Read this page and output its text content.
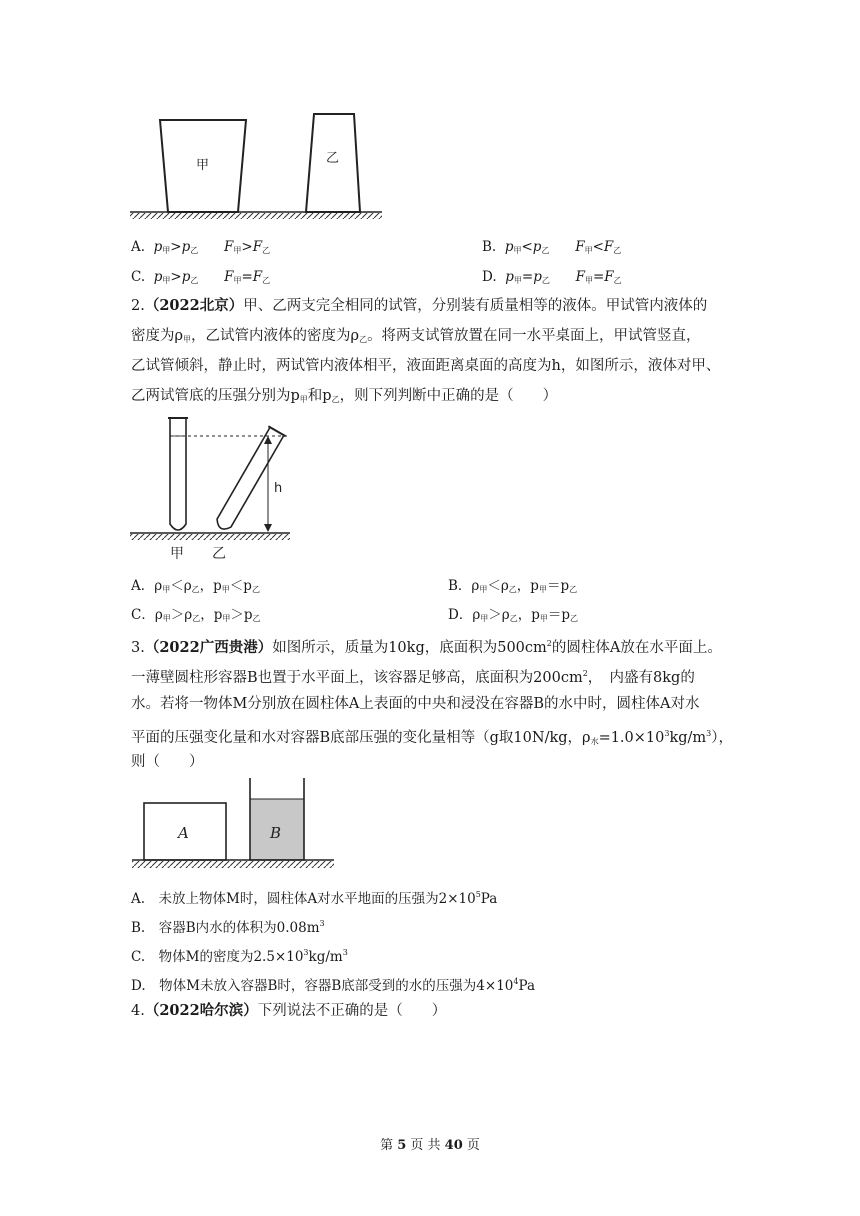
甲	乙
A. $p_甲>p_乙$ $F_甲>F_乙$	B. $p_甲<p_乙$ $F_甲<F_乙$
C. $p_甲>p_乙$ $F_甲=F_乙$	D. $p_甲=p_乙$ $F_甲=F_乙$
2.（2022北京）甲、乙两支完全相同的试管，分别装有质量相等的液体。甲试管内液体的
密度为$\rho_甲$，乙试管内液体的密度为$\rho_乙$。将两支试管放置在同一水平桌面上，甲试管竖直，
乙试管倾斜，静止时，两试管内液体相平，液面距离桌面的高度为h，如图所示，液体对甲、
乙两试管底的压强分别为$p_甲$和$p_乙$，则下列判断中正确的是（　　）
h
甲 乙
A．$\rho_甲<\rho_乙$，$p_甲<p_乙$	B．$\rho_甲<\rho_乙$，$p_甲=p_乙$
C．$\rho_甲>\rho_乙$，$p_甲>p_乙$	D．$\rho_甲>\rho_乙$，$p_甲=p_乙$
3.（2022广西贵港）如图所示，质量为10kg，底面积为$500cm^2$的圆柱体A放在水平面上。
一薄壁圆柱形容器B也置于水平面上，该容器足够高，底面积为$200cm^2$，　内盛有8kg的
水。若将一物体M分别放在圆柱体A上表面的中央和浸没在容器B的水中时，圆柱体A对水
平面的压强变化量和水对容器B底部压强的变化量相等（g取10N/kg，$\rho_水=1.0\times 10^3kg/m^3$），
则（　　）
A	B
A.　未放上物体M时，圆柱体A对水平地面的压强为$2\times 10^5Pa$
B.　容器B内水的体积为$0.08m^3$
C.　物体M的密度为$2.5\times 10^3kg/m^3$
D.　物体M未放入容器B时，容器B底部受到的水的压强为$4\times 10^4Pa$
4.（2022哈尔滨）下列说法不正确的是（　　）
第 5 页 共 40 页
